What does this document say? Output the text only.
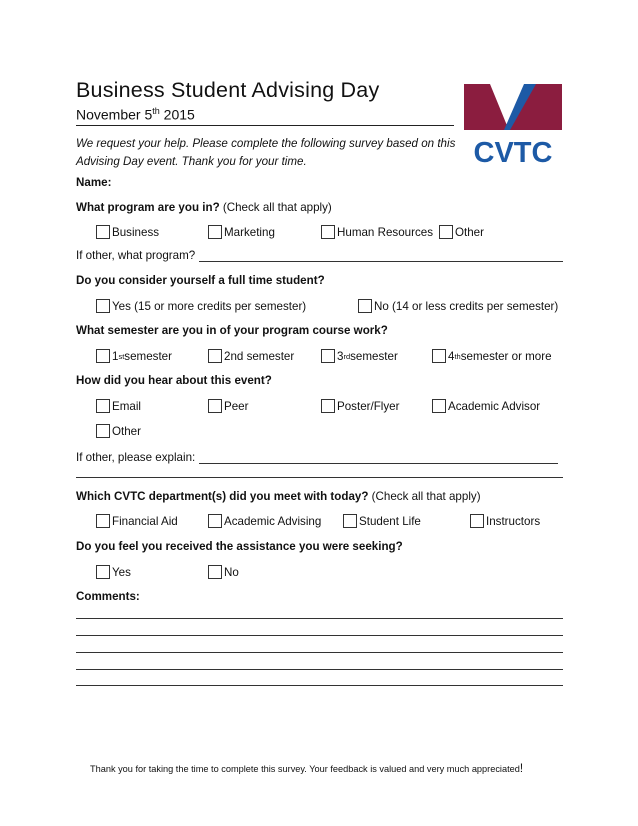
Business Student Advising Day
November 5th 2015
We request your help. Please complete the following survey based on this Advising Day event. Thank you for your time.	CVTC
Name:
What program are you in? (Check all that apply)
Business	Marketing	Human Resources Other
If other, what program?
Do you consider yourself a full time student?
Yes (15 or more credits per semester)	No (14 or less credits per semester)
What semester are you in of your program course work?
1 st semester	2nd semester	3 rd semester	4 th semester or more
How did you hear about this event?
Email	Peer	Poster/Flyer	Academic Advisor
Other
If other, please explain:
Which CVTC department(s) did you meet with today? (Check all that apply)
Financial Aid	Academic Advising	Student Life	Instructors
Do you feel you received the assistance you were seeking?
Yes	No
Comments:
Thank you for taking the time to complete this survey. Your feedback is valued and very much appreciated!
